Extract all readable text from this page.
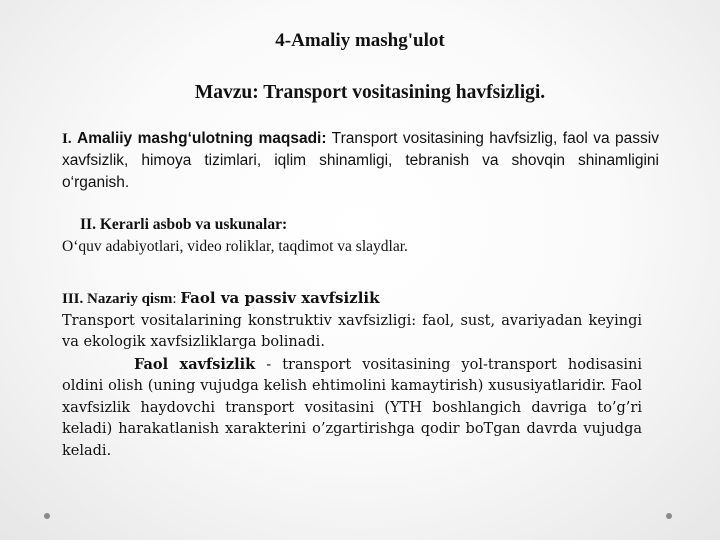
4-Amaliy mashg'ulot
Mavzu: Transport vositasining havfsizligi.
I. Amaliiy mashg‘ulotning maqsadi: Transport vositasining havfsizlig, faol va passiv xavfsizlik, himoya tizimlari, iqlim shinamligi, tebranish va shovqin shinamligini o‘rganish.
II. Kerarli asbob va uskunalar:
O‘quv adabiyotlari, video roliklar, taqdimot va slaydlar.
III. Nazariy qism: Faol va passiv xavfsizlik
Transport vositalarining konstruktiv xavfsizligi: faol, sust, avariyadan keyingi va ekologik xavfsizliklarga bolinadi.
Faol xavfsizlik - transport vositasining yol-transport hodisasini oldini olish (uning vujudga kelish ehtimolini kamaytirish) xususiyatlaridir. Faol xavfsizlik haydovchi transport vositasini (YTH boshlangich davriga to’g’ri keladi) harakatlanish xarakterini o’zgartirishga qodir boTgan davrda vujudga keladi.
